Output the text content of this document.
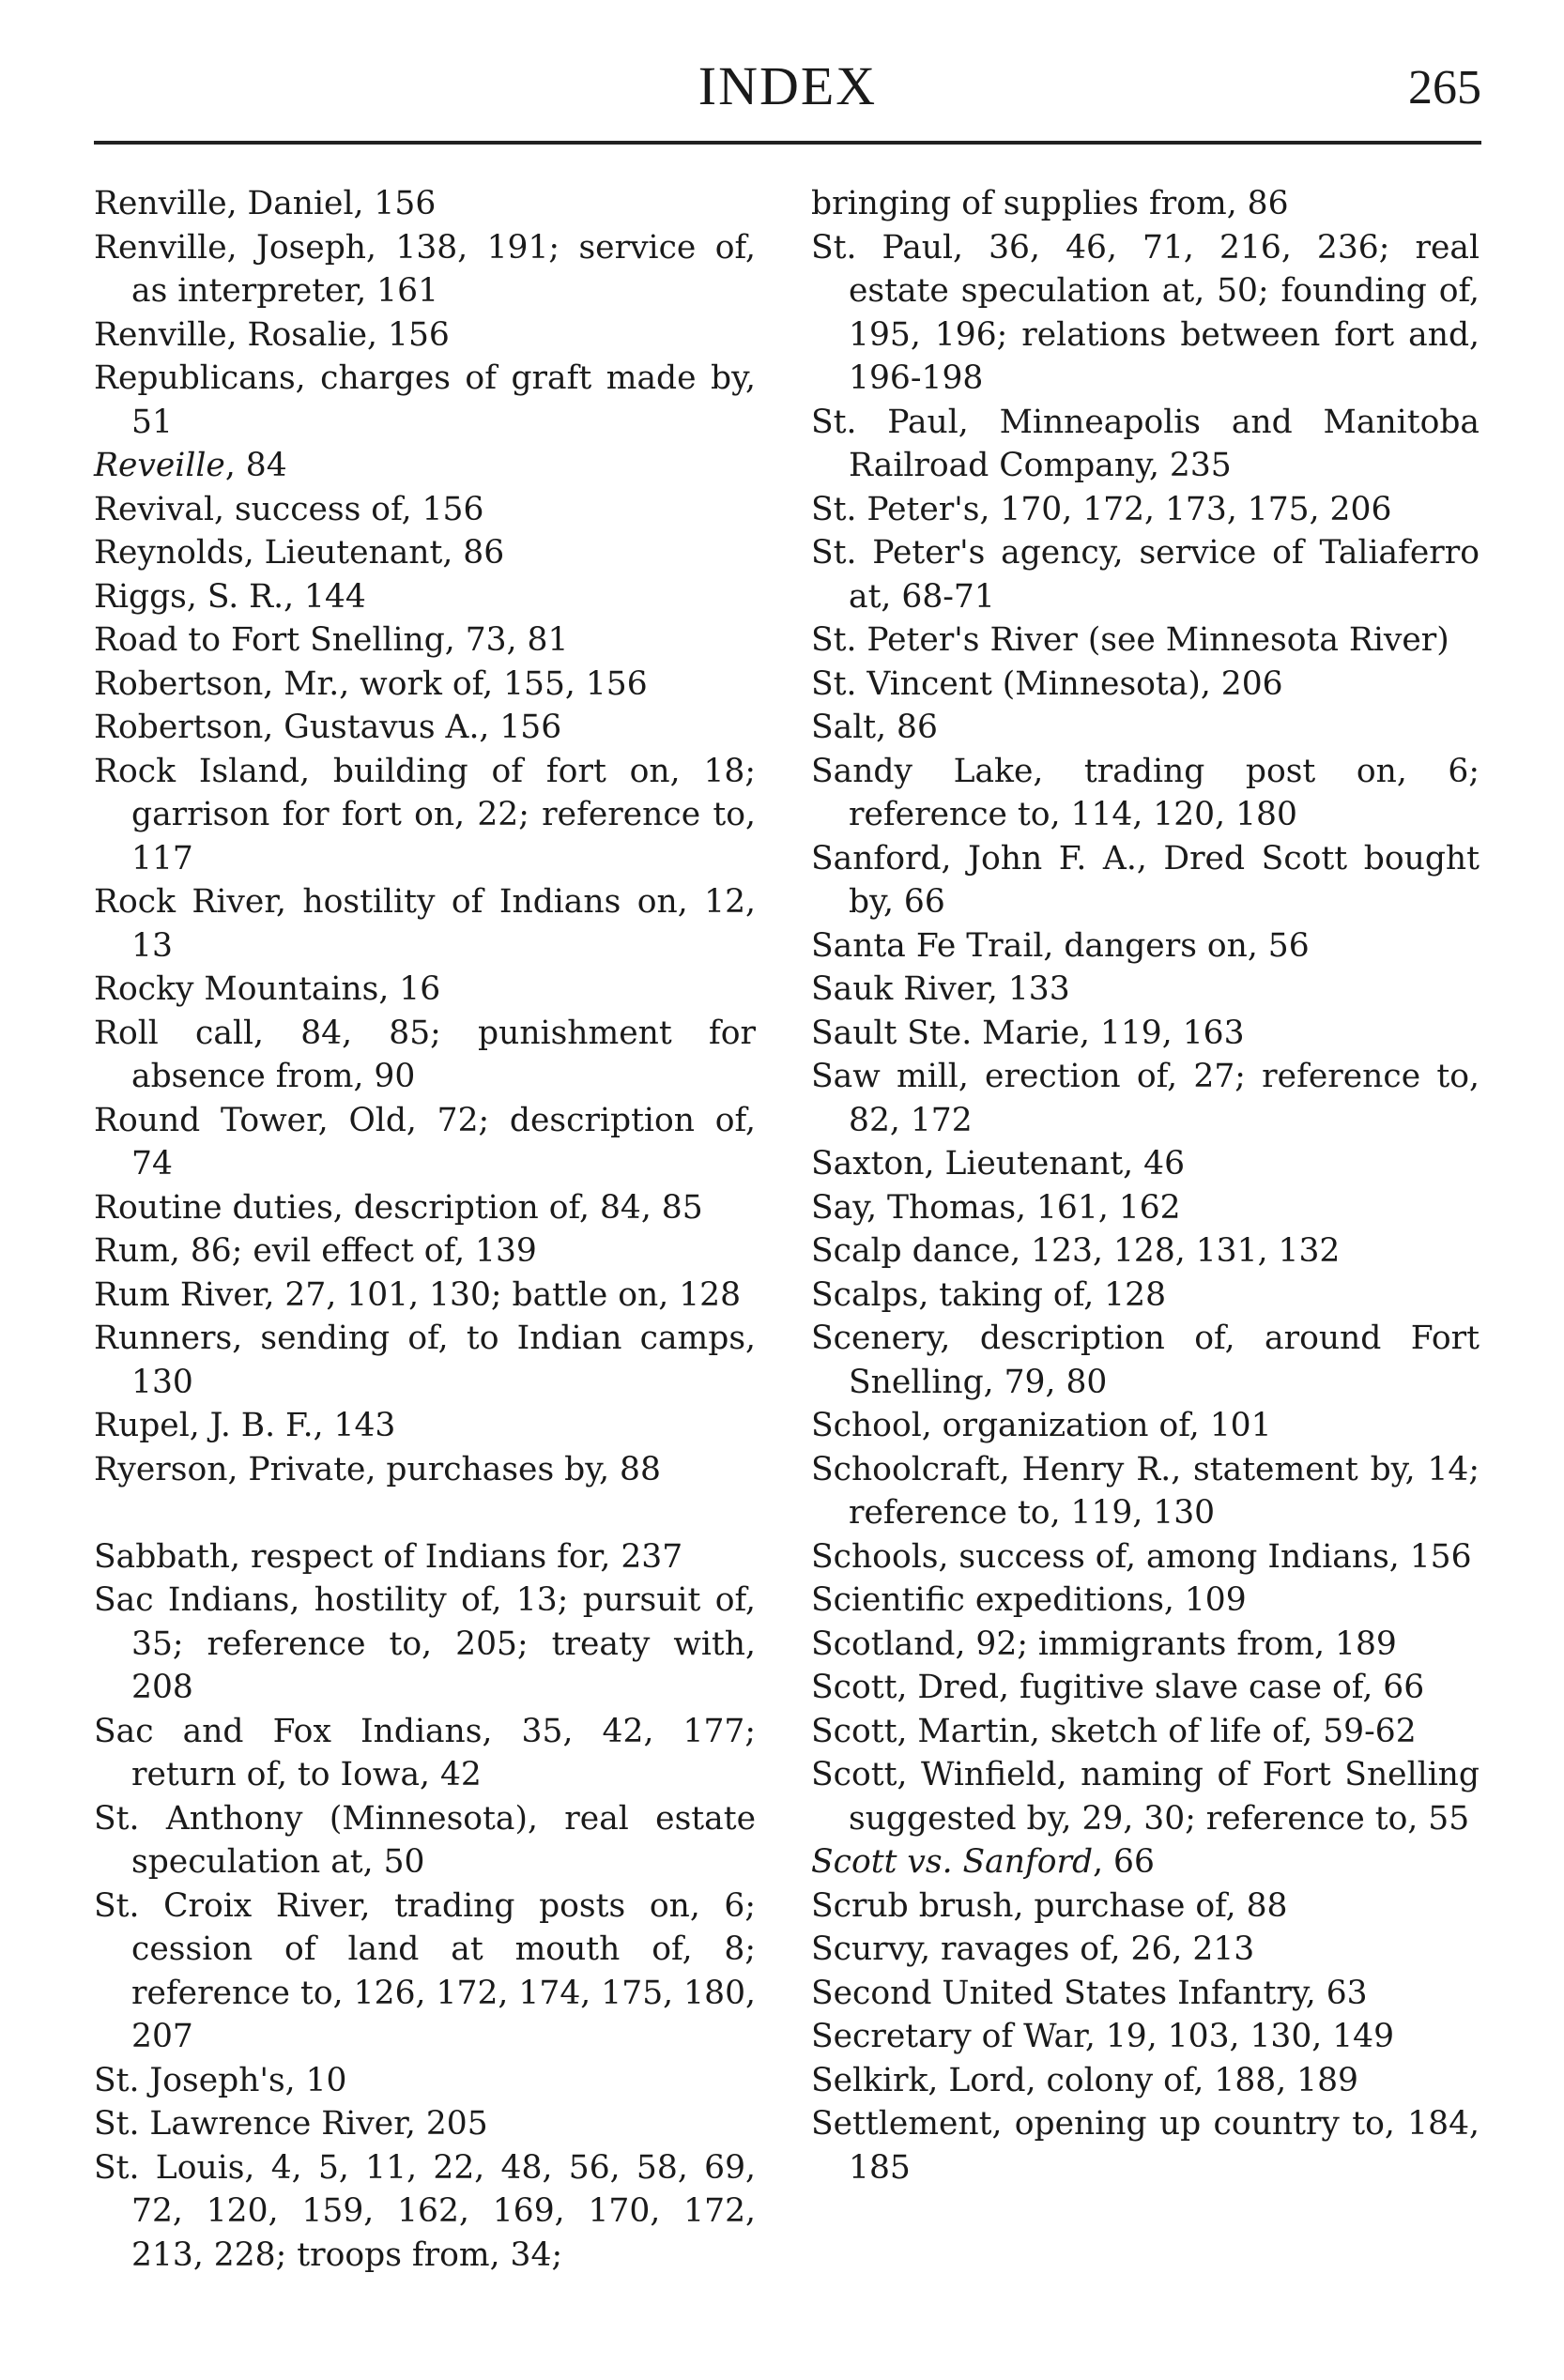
INDEX	265
Renville, Daniel, 156
Renville, Joseph, 138, 191; service of, as interpreter, 161
Renville, Rosalie, 156
Republicans, charges of graft made by, 51
Reveille, 84
Revival, success of, 156
Reynolds, Lieutenant, 86
Riggs, S. R., 144
Road to Fort Snelling, 73, 81
Robertson, Mr., work of, 155, 156
Robertson, Gustavus A., 156
Rock Island, building of fort on, 18; garrison for fort on, 22; reference to, 117
Rock River, hostility of Indians on, 12, 13
Rocky Mountains, 16
Roll call, 84, 85; punishment for absence from, 90
Round Tower, Old, 72; description of, 74
Routine duties, description of, 84, 85
Rum, 86; evil effect of, 139
Rum River, 27, 101, 130; battle on, 128
Runners, sending of, to Indian camps, 130
Rupel, J. B. F., 143
Ryerson, Private, purchases by, 88
Sabbath, respect of Indians for, 237
Sac Indians, hostility of, 13; pursuit of, 35; reference to, 205; treaty with, 208
Sac and Fox Indians, 35, 42, 177; return of, to Iowa, 42
St. Anthony (Minnesota), real estate speculation at, 50
St. Croix River, trading posts on, 6; cession of land at mouth of, 8; reference to, 126, 172, 174, 175, 180, 207
St. Joseph's, 10
St. Lawrence River, 205
St. Louis, 4, 5, 11, 22, 48, 56, 58, 69, 72, 120, 159, 162, 169, 170, 172, 213, 228; troops from, 34;
bringing of supplies from, 86
St. Paul, 36, 46, 71, 216, 236; real estate speculation at, 50; founding of, 195, 196; relations between fort and, 196-198
St. Paul, Minneapolis and Manitoba Railroad Company, 235
St. Peter's, 170, 172, 173, 175, 206
St. Peter's agency, service of Taliaferro at, 68-71
St. Peter's River (see Minnesota River)
St. Vincent (Minnesota), 206
Salt, 86
Sandy Lake, trading post on, 6; reference to, 114, 120, 180
Sanford, John F. A., Dred Scott bought by, 66
Santa Fe Trail, dangers on, 56
Sauk River, 133
Sault Ste. Marie, 119, 163
Saw mill, erection of, 27; reference to, 82, 172
Saxton, Lieutenant, 46
Say, Thomas, 161, 162
Scalp dance, 123, 128, 131, 132
Scalps, taking of, 128
Scenery, description of, around Fort Snelling, 79, 80
School, organization of, 101
Schoolcraft, Henry R., statement by, 14; reference to, 119, 130
Schools, success of, among Indians, 156
Scientific expeditions, 109
Scotland, 92; immigrants from, 189
Scott, Dred, fugitive slave case of, 66
Scott, Martin, sketch of life of, 59-62
Scott, Winfield, naming of Fort Snelling suggested by, 29, 30; reference to, 55
Scott vs. Sanford, 66
Scrub brush, purchase of, 88
Scurvy, ravages of, 26, 213
Second United States Infantry, 63
Secretary of War, 19, 103, 130, 149
Selkirk, Lord, colony of, 188, 189
Settlement, opening up country to, 184, 185
